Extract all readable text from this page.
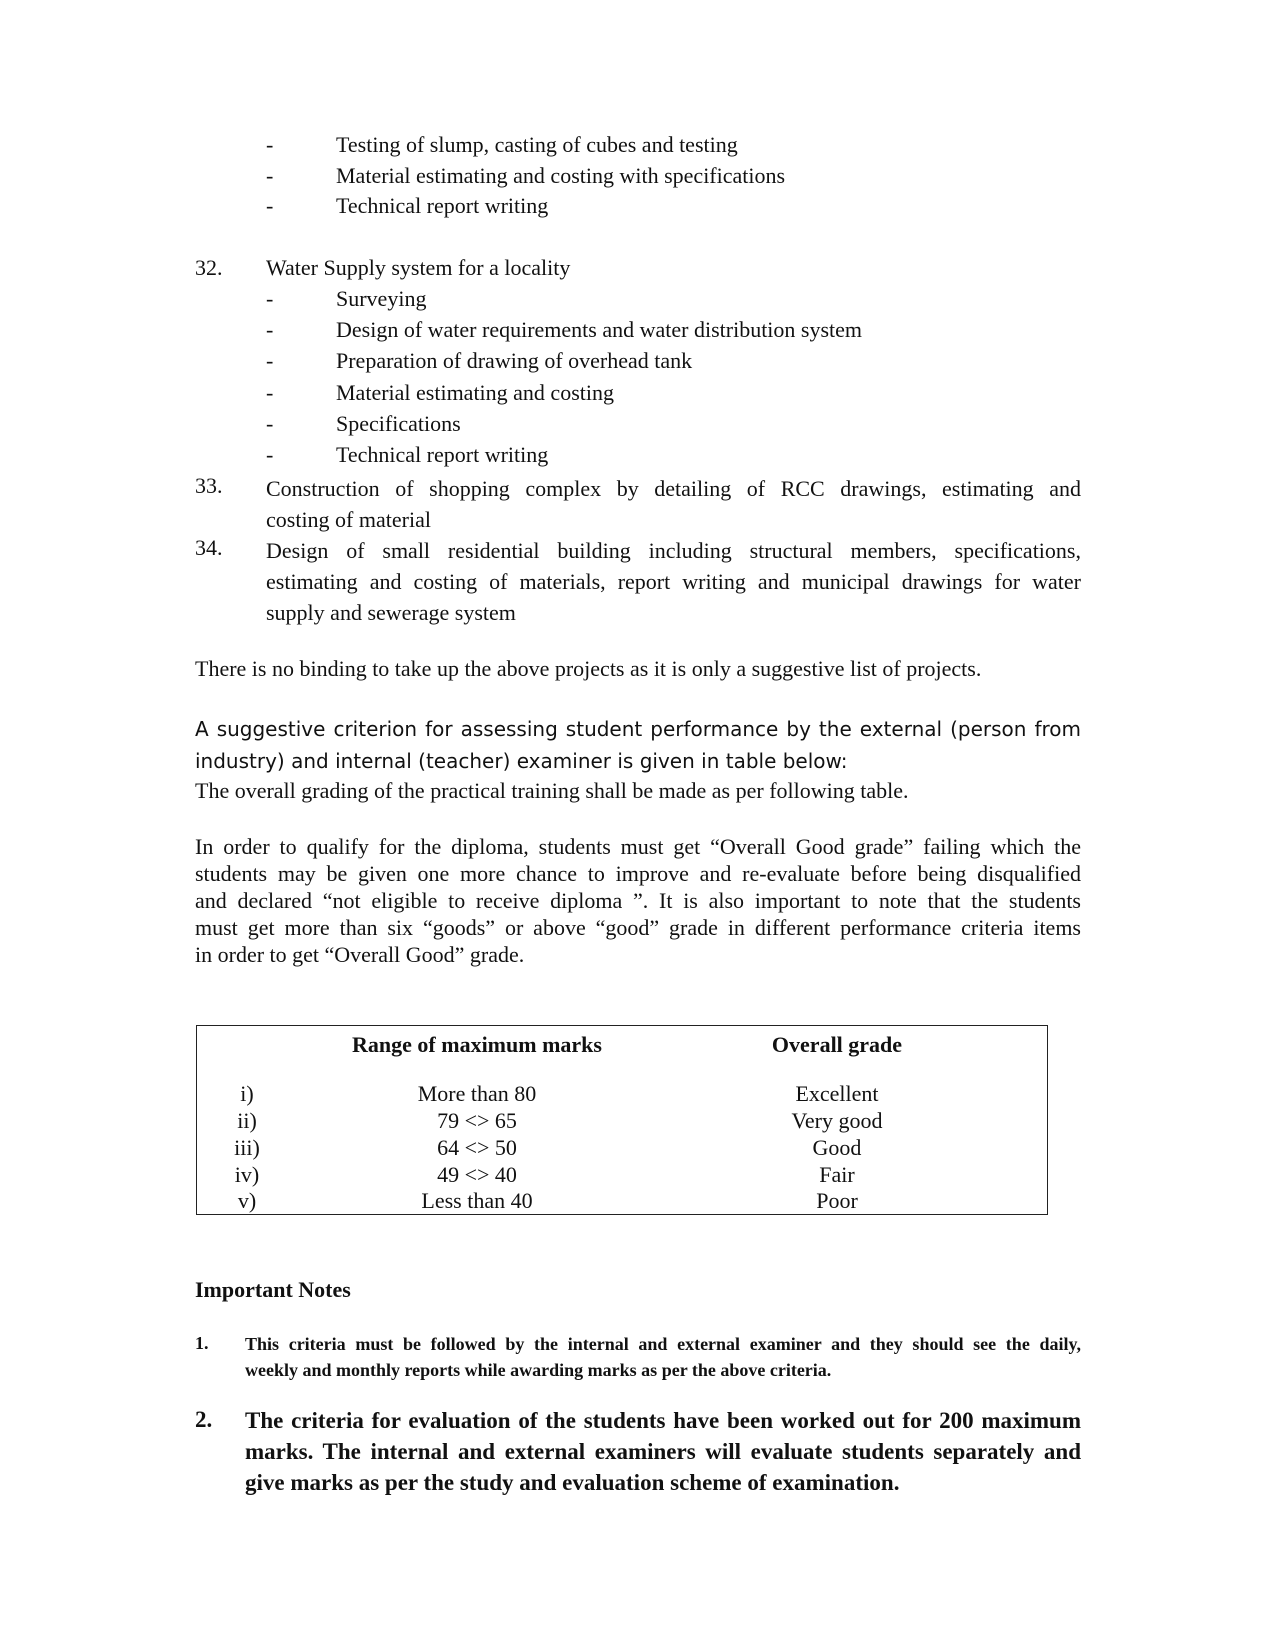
-	Testing of slump, casting of cubes and testing
-	Material estimating and costing with specifications
-	Technical report writing
32. Water Supply system for a locality
-	Surveying
-	Design of water requirements and water distribution system
-	Preparation of drawing of overhead tank
-	Material estimating and costing
-	Specifications
-	Technical report writing
33. Construction of shopping complex by detailing of RCC drawings, estimating and
costing of material
34. Design of small residential building including structural members, specifications,
estimating and costing of materials, report writing and municipal drawings for water
supply and sewerage system
There is no binding to take up the above projects as it is only a suggestive list of projects.
A suggestive criterion for assessing student performance by the external (person from
industry) and internal (teacher) examiner is given in table below:
The overall grading of the practical training shall be made as per following table.
In order to qualify for the diploma, students must get “Overall Good grade” failing which the
students may be given one more chance to improve and re-evaluate before being disqualified
and declared “not eligible to receive diploma ”. It is also important to note that the students
must get more than six “goods” or above “good” grade in different performance criteria items
in order to get “Overall Good” grade.
Range of maximum marks	Overall grade
i)	More than 80	Excellent
ii)	79 <> 65	Very good
iii)	64 <> 50	Good
iv)	49 <> 40	Fair
v)	Less than 40	Poor
Important Notes
1. This criteria must be followed by the internal and external examiner and they should see the daily,
weekly and monthly reports while awarding marks as per the above criteria.
2. The criteria for evaluation of the students have been worked out for 200 maximum
marks. The internal and external examiners will evaluate students separately and
give marks as per the study and evaluation scheme of examination.
